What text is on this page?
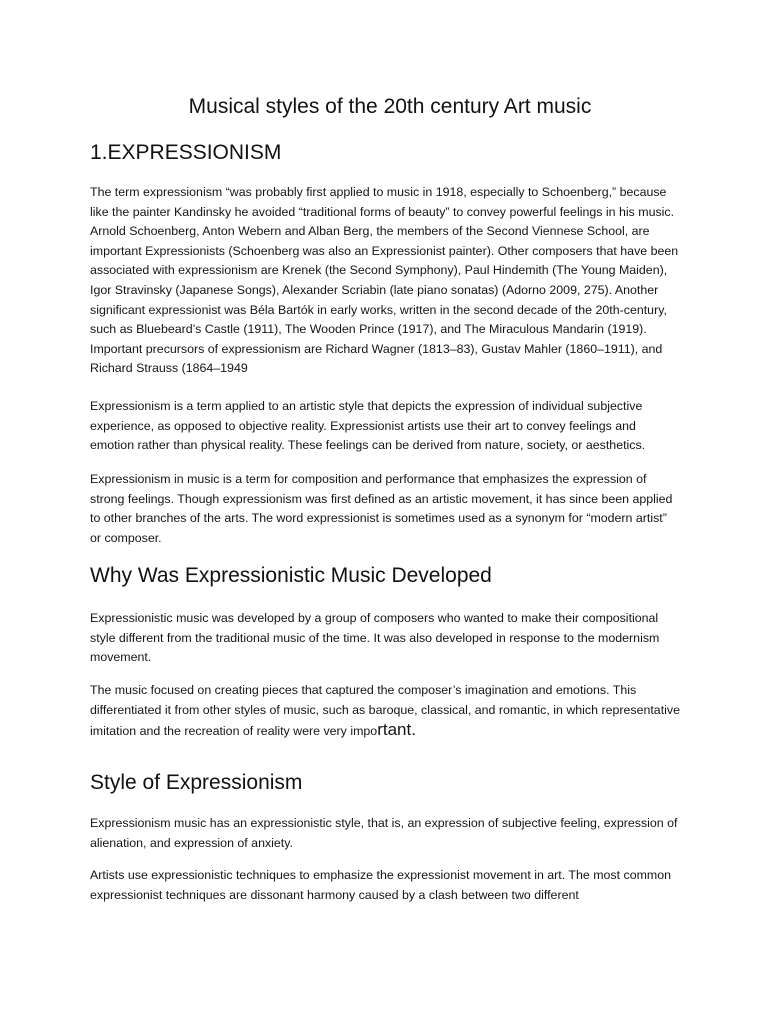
Musical styles of the 20th century Art music
1.EXPRESSIONISM

The term expressionism “was probably first applied to music in 1918, especially to Schoenberg,” because like the painter Kandinsky he avoided “traditional forms of beauty” to convey powerful feelings in his music. Arnold Schoenberg, Anton Webern and Alban Berg, the members of the Second Viennese School, are important Expressionists (Schoenberg was also an Expressionist painter). Other composers that have been associated with expressionism are Krenek (the Second Symphony), Paul Hindemith (The Young Maiden), Igor Stravinsky (Japanese Songs), Alexander Scriabin (late piano sonatas) (Adorno 2009, 275). Another significant expressionist was Béla Bartók in early works, written in the second decade of the 20th-century, such as Bluebeard’s Castle (1911), The Wooden Prince (1917), and The Miraculous Mandarin (1919). Important precursors of expressionism are Richard Wagner (1813–83), Gustav Mahler (1860–1911), and Richard Strauss (1864–1949

Expressionism is a term applied to an artistic style that depicts the expression of individual subjective experience, as opposed to objective reality. Expressionist artists use their art to convey feelings and emotion rather than physical reality. These feelings can be derived from nature, society, or aesthetics.

Expressionism in music is a term for composition and performance that emphasizes the expression of strong feelings. Though expressionism was first defined as an artistic movement, it has since been applied to other branches of the arts. The word expressionist is sometimes used as a synonym for “modern artist” or composer.

Why Was Expressionistic Music Developed

Expressionistic music was developed by a group of composers who wanted to make their compositional style different from the traditional music of the time. It was also developed in response to the modernism movement.

The music focused on creating pieces that captured the composer’s imagination and emotions. This differentiated it from other styles of music, such as baroque, classical, and romantic, in which representative imitation and the recreation of reality were very important.

Style of Expressionism

Expressionism music has an expressionistic style, that is, an expression of subjective feeling, expression of alienation, and expression of anxiety.

Artists use expressionistic techniques to emphasize the expressionist movement in art. The most common expressionist techniques are dissonant harmony caused by a clash between two different
